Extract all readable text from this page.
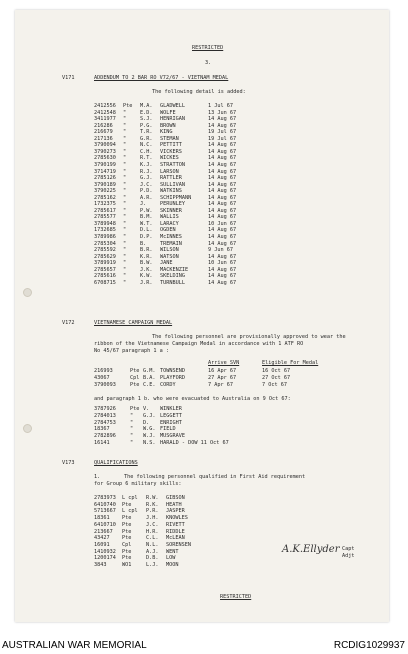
RESTRICTED
3.
V171	ADDENDUM TO 2 BAR RO V72/67 - VIETNAM MEDAL
The following detail is added:
2412556 Pte M.A. GLADWELL	1 Jul 67
2412548 "	E.D. WOLFE	13 Jun 67
3411977 "	S.J. HENRIGAN	14 Aug 67
216286 "	P.G. BROWN	14 Aug 67
216679 "	T.R. KING	19 Jul 67
217136 "	G.R. STEMAN	19 Jul 67
3790094 "	N.C. PETTITT	14 Aug 67
3790273 "	C.H. VICKERS	14 Aug 67
2785630 "	R.T. WICKES	14 Aug 67
3790199 "	K.J. STRATTON	14 Aug 67
3714719 "	R.J. LARSON	14 Aug 67
2785126 "	G.J. RATTLER	14 Aug 67
3790189 "	J.C. SULLIVAN	14 Aug 67
3790225 "	P.D. WATKINS	14 Aug 67
2785162 "	A.R. SCHIPPMANN	14 Aug 67
1732375 "	J.	PERUNLEY	14 Aug 67
2785617 "	P.W. SKINNER	14 Aug 67
2785577 "	B.M. WALLIS	14 Aug 67
3789948 "	W.T. LARACY	10 Jun 67
1732685 "	D.L. OGDEN	14 Aug 67
3789986 "	D.P. McINNES	14 Aug 67
2785304 "	B.	TREMAIN	14 Aug 67
2785592 "	B.R. WILSON	9 Jun 67
2785629 "	K.R. WATSON	14 Aug 67
3789919 "	B.W. JANE	10 Jun 67
2785657 "	J.K. MACKENZIE	14 Aug 67
2785616 "	K.W. SKELDING	14 Aug 67
6708715 "	J.R. TURNBULL	14 Aug 67
V172	VIETNAMESE CAMPAIGN MEDAL
The following personnel are provisionally approved to wear the
ribbon of the Vietnamese Campaign Medal in accordance with 1 ATF RO
No 45/67 paragraph 1 a :
Arrive SVN	Eligible For Medal
216993	Pte G.M. TOWNSEND	16 Apr 67	16 Oct 67
43067	Cpl B.A. PLAYFORD	27 Apr 67	27 Oct 67
3790093	Pte C.E. CORDY	7 Apr 67	7 Oct 67
and paragraph 1 b. who were evacuated to Australia on 9 Oct 67:
3787926	Pte V. WINKLER
2784013	" G.J. LEGGETT
2784753	" D. ENRIGHT
18367	" W.G. FIELD
2782896	" W.J. MUSGRAVE
16141	" N.S. HARALD - DOW 11 Oct 67
V173	QUALIFICATIONS
1.	The following personnel qualified in First Aid requirement
for Group 6 military skills:
2783973 L cpl R.W. GIBSON
6410740 Pte	R.K. HEATH
5713667 L cpl P.R. JASPER
18361 Pte	J.H. KNOWLES
6410710 Pte	J.C. RIVETT
213667 Pte	H.R. RIDDLE
43427 Pte	C.L. McLEAN
16091 Cpl	N.L. SORENSEN
1410932 Pte	A.J. WENT
1200174 Pte	D.B. LOW
3843	WO1	L.J. MOON
A.K.Ellyder Capt
Adjt
RESTRICTED
AUSTRALIAN WAR MEMORIAL	RCDIG1029937
